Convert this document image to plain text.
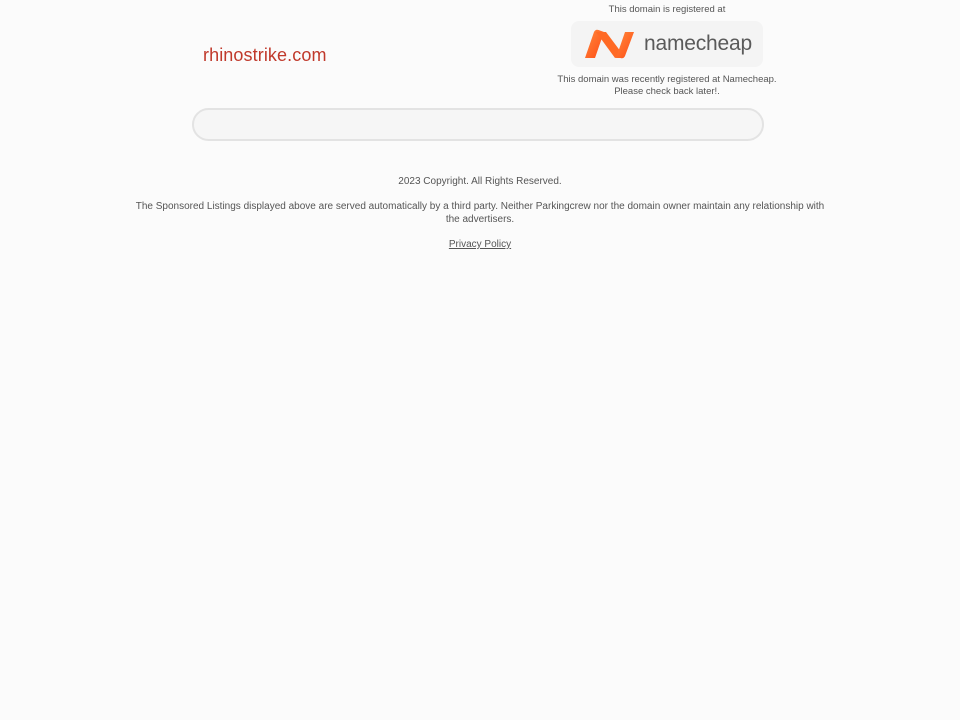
rhinostrike.com
This domain is registered at
namecheap
This domain was recently registered at Namecheap.
Please check back later!.
2023 Copyright. All Rights Reserved.
The Sponsored Listings displayed above are served automatically by a third party. Neither Parkingcrew nor the domain owner maintain any relationship with the advertisers.
Privacy Policy
